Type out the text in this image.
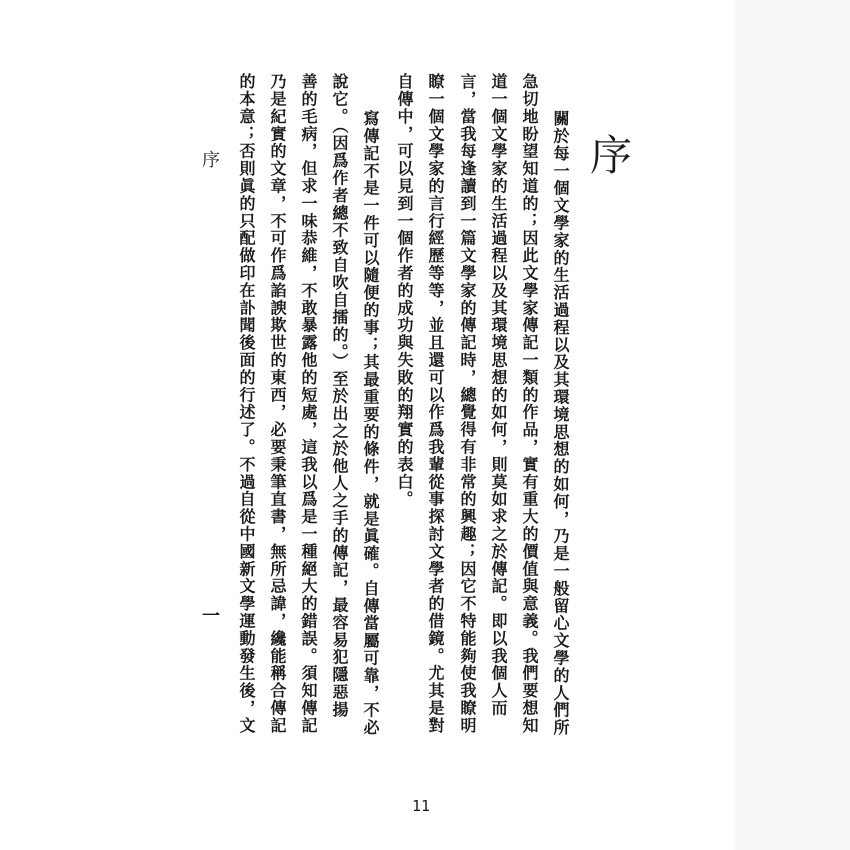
序
關於每一個文學家的生活過程以及其環境思想的如何，乃是一般留心文學的人們所
急切地盼望知道的；因此文學家傳記一類的作品，實有重大的價值與意義。我們要想知
道一個文學家的生活過程以及其環境思想的如何，則莫如求之於傳記。即以我個人而
言，當我每逢讀到一篇文學家的傳記時，總覺得有非常的興趣；因它不特能夠使我瞭明
瞭一個文學家的言行經歷等等，並且還可以作爲我輩從事探討文學者的借鏡。尤其是對
自傳中，可以見到一個作者的成功與失敗的翔實的表白。
寫傳記不是一件可以隨便的事；其最重要的條件，就是眞確。自傳當屬可靠，不必
說它。（因爲作者總不致自吹自擂的。）至於出之於他人之手的傳記，最容易犯隱惡揚
善的毛病，但求一味恭維，不敢暴露他的短處，這我以爲是一種絕大的錯誤。須知傳記
乃是紀實的文章，不可作爲諂諛欺世的東西，必要秉筆直書，無所忌諱，纔能稱合傳記
的本意；否則眞的只配做印在訃聞後面的行述了。不過自從中國新文學運動發生後，文
序
一
11
